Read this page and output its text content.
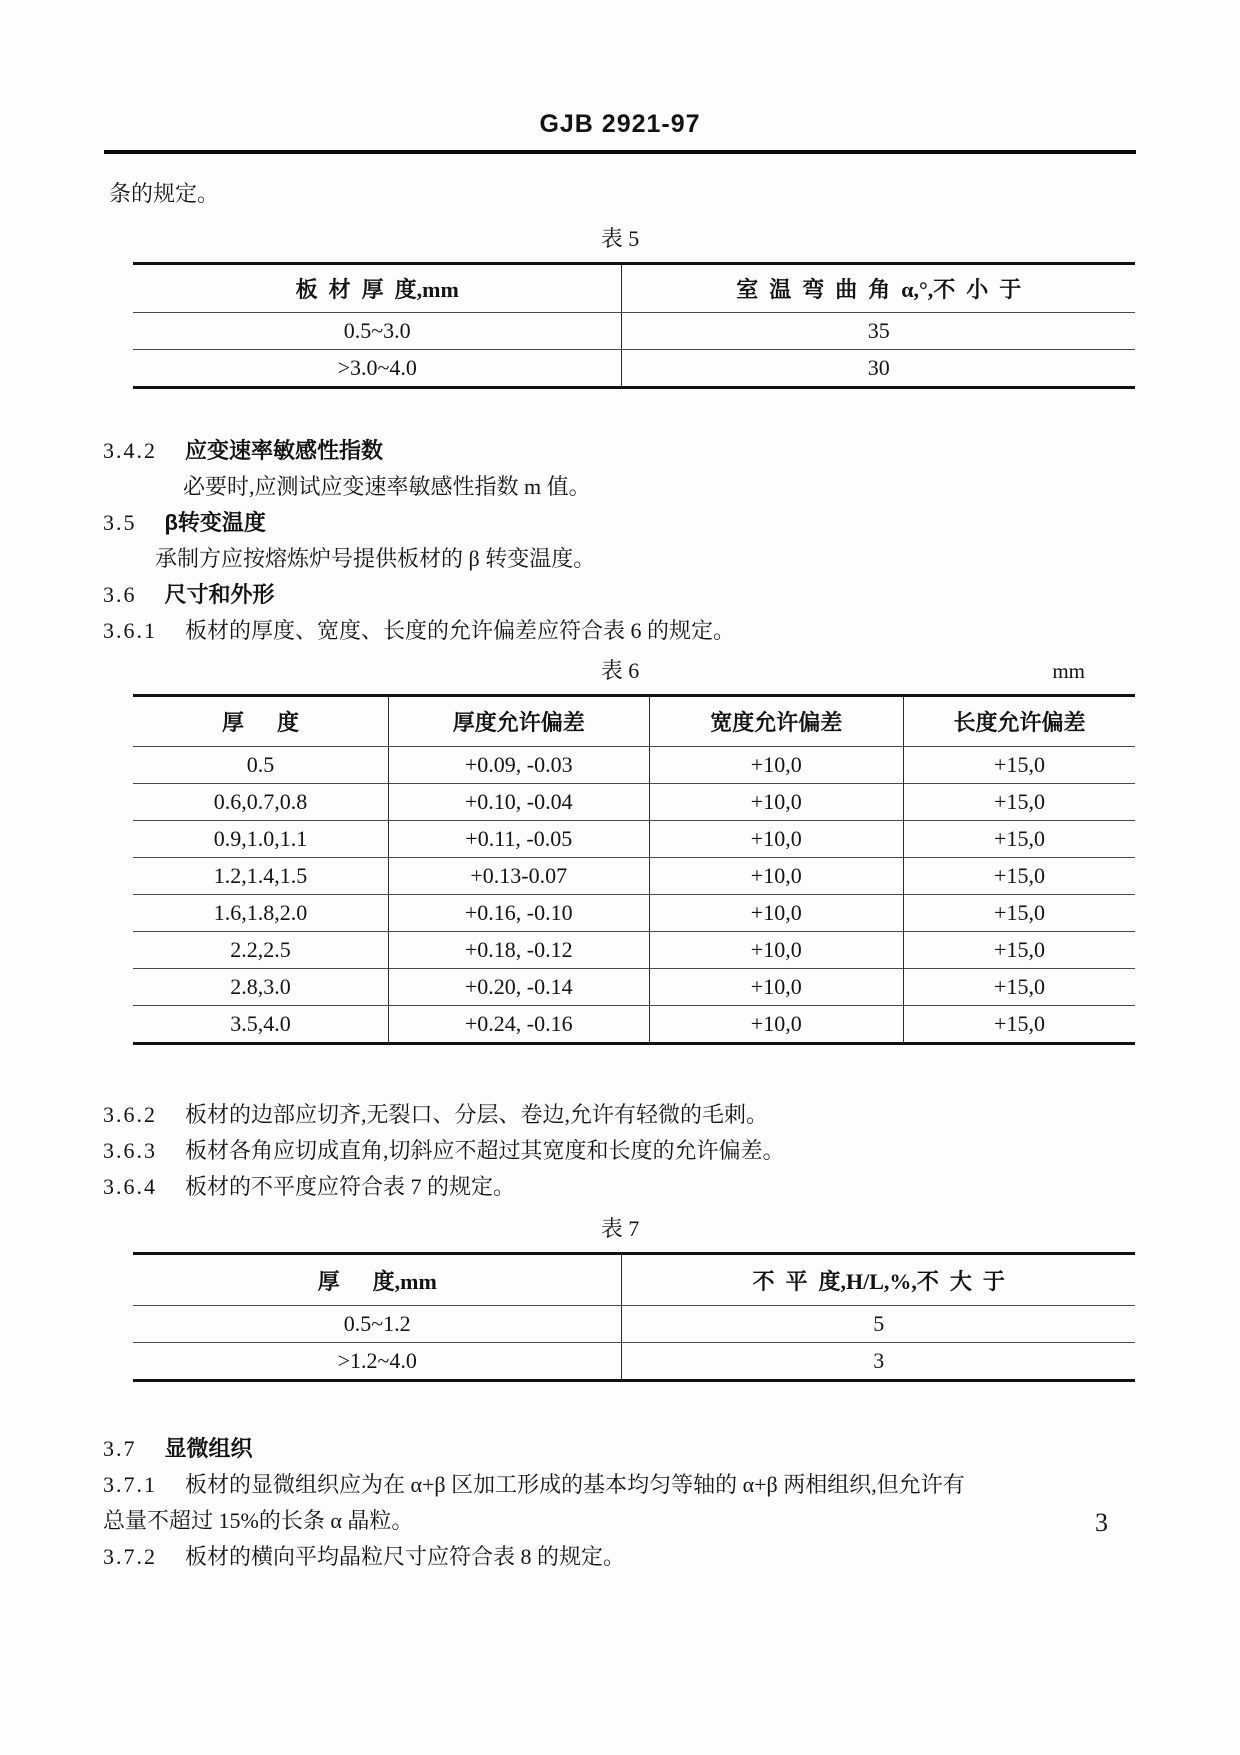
GJB 2921-97

条的规定。

表 5
板  材  厚  度,mm	室  温  弯  曲  角  α,°,不  小  于
0.5~3.0	35
>3.0~4.0	30

3.4.2 应变速率敏感性指数

必要时,应测试应变速率敏感性指数 m 值。

3.5 β转变温度

承制方应按熔炼炉号提供板材的 β 转变温度。

3.6 尺寸和外形

3.6.1 板材的厚度、宽度、长度的允许偏差应符合表 6 的规定。

表 6	mm
厚      度	厚度允许偏差	宽度允许偏差	长度允许偏差
0.5	+0.09, -0.03	+10,0	+15,0
0.6,0.7,0.8	+0.10, -0.04	+10,0	+15,0
0.9,1.0,1.1	+0.11, -0.05	+10,0	+15,0
1.2,1.4,1.5	+0.13-0.07	+10,0	+15,0
1.6,1.8,2.0	+0.16, -0.10	+10,0	+15,0
2.2,2.5	+0.18, -0.12	+10,0	+15,0
2.8,3.0	+0.20, -0.14	+10,0	+15,0
3.5,4.0	+0.24, -0.16	+10,0	+15,0

3.6.2 板材的边部应切齐,无裂口、分层、卷边,允许有轻微的毛刺。

3.6.3 板材各角应切成直角,切斜应不超过其宽度和长度的允许偏差。

3.6.4 板材的不平度应符合表 7 的规定。

表 7
厚      度,mm	不  平  度,H/L,%,不  大  于
0.5~1.2	5
>1.2~4.0	3

3.7 显微组织

3.7.1 板材的显微组织应为在 α+β 区加工形成的基本均匀等轴的 α+β 两相组织,但允许有

总量不超过 15%的长条 α 晶粒。

3.7.2 板材的横向平均晶粒尺寸应符合表 8 的规定。

3
